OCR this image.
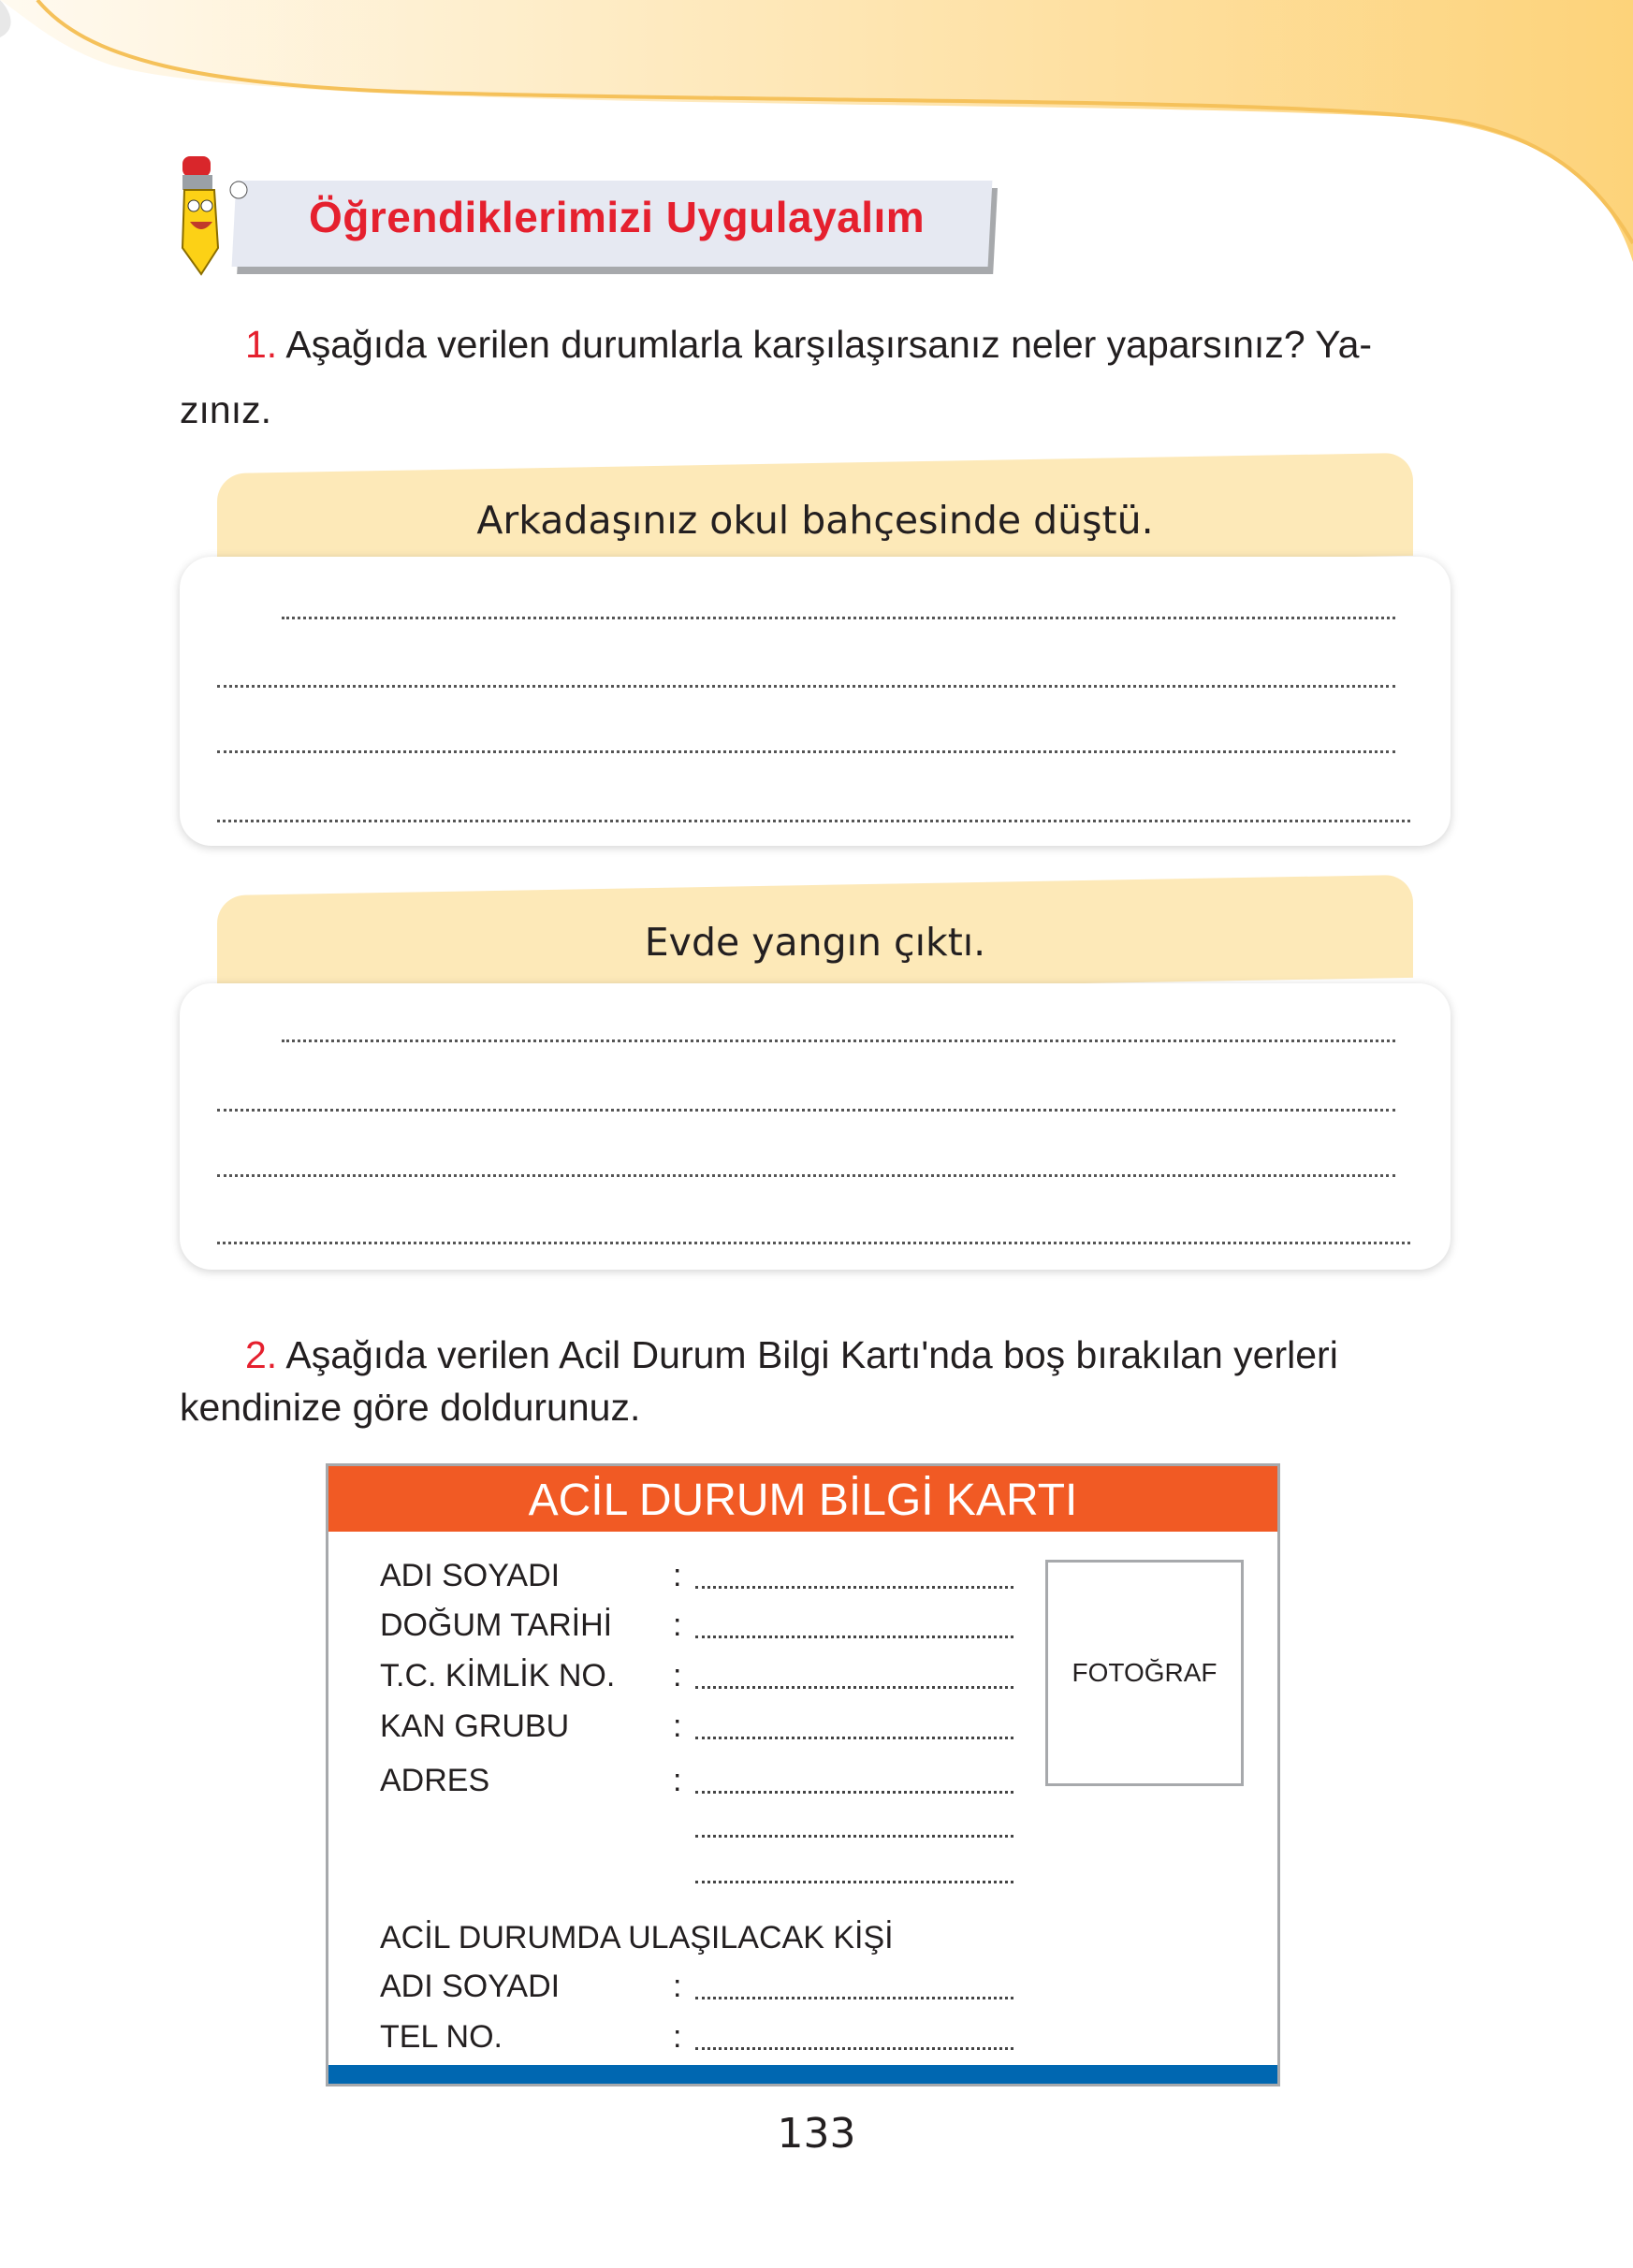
Öğrendiklerimizi Uygulayalım
1. Aşağıda verilen durumlarla karşılaşırsanız neler yaparsınız? Ya-
zınız.
Arkadaşınız okul bahçesinde düştü.
Evde yangın çıktı.
2. Aşağıda verilen Acil Durum Bilgi Kartı'nda boş bırakılan yerleri
kendinize göre doldurunuz.
ACİL DURUM BİLGİ KARTI
ADI SOYADI	:
DOĞUM TARİHİ :
T.C. KİMLİK NO. :
KAN GRUBU	:
ADRES	:
FOTOĞRAF
ACİL DURUMDA ULAŞILACAK KİŞİ
ADI SOYADI	:
TEL NO.	:
133
